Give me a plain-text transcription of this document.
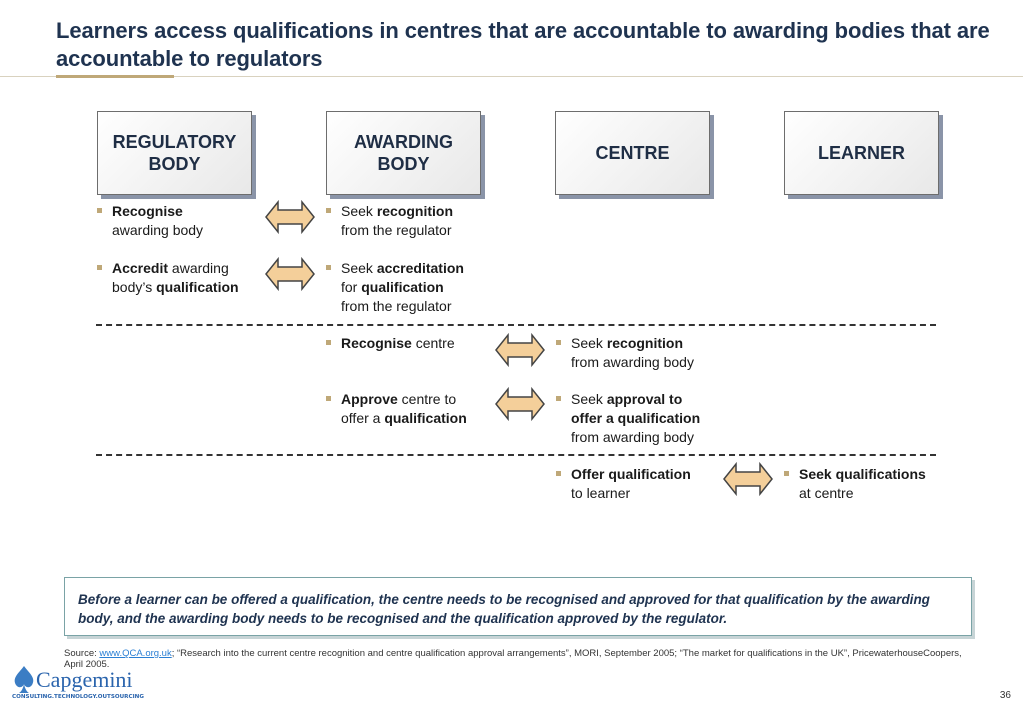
Learners access qualifications in centres that are accountable to awarding bodies that are accountable to regulators
REGULATORY BODY
AWARDING BODY
CENTRE	LEARNER
Recognise
awarding body
Accredit awarding
body’s qualification
Seek recognition
from the regulator
Seek accreditation
for qualification
from the regulator
Recognise centre
Approve centre to
offer a qualification
Seek recognition
from awarding body
Seek approval to
offer a qualification
from awarding body
Offer qualification
to learner
Seek qualifications
at centre
Before a learner can be offered a qualification, the centre needs to be recognised and approved for that qualification by the awarding body, and the awarding body needs to be recognised and the qualification approved by the regulator.
Source: www.QCA.org.uk; “Research into the current centre recognition and centre qualification approval arrangements”, MORI, September 2005; “The market for qualifications in the UK”, PricewaterhouseCoopers, April 2005.
Capgemini
CONSULTING.TECHNOLOGY.OUTSOURCING	36
